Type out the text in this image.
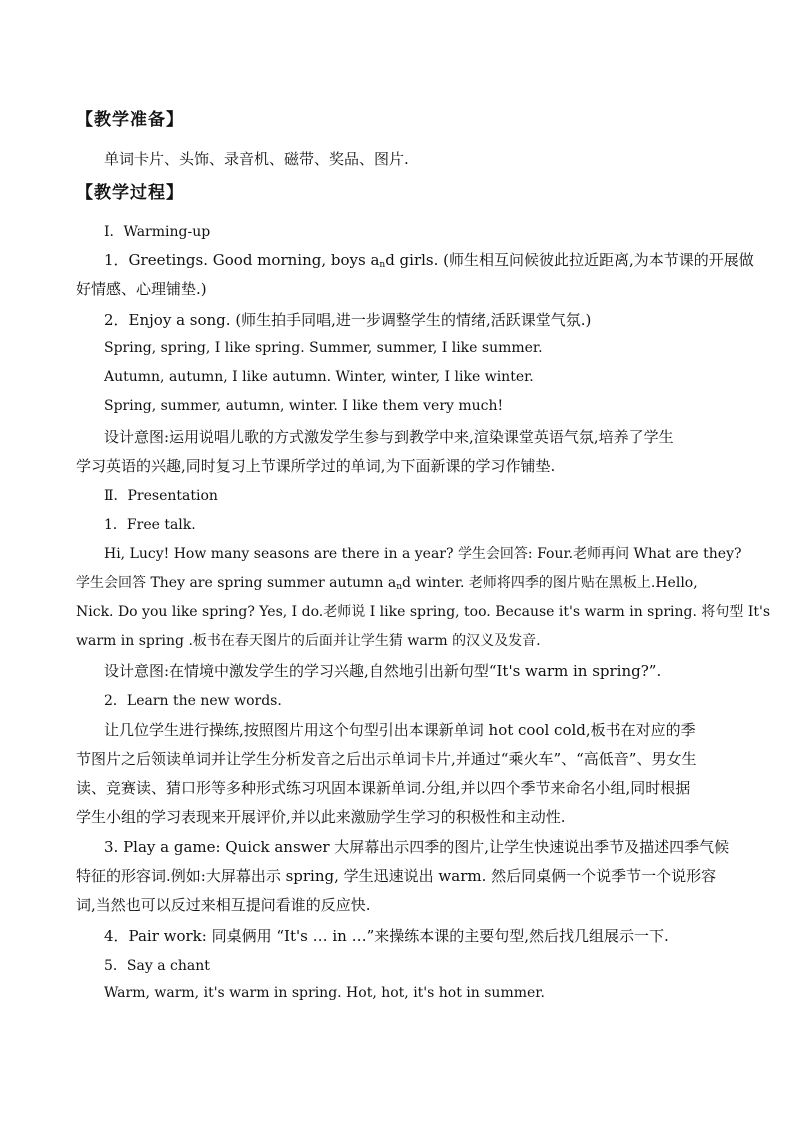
【教学准备】
单词卡片、头饰、录音机、磁带、奖品、图片.
【教学过程】
Ⅰ．Warming-up
1．Greetings. Good morning, boys $a_nd$ girls. (师生相互问候彼此拉近距离,为本节课的开展做
好情感、心理铺垫.)
2．Enjoy a song. (师生拍手同唱,进一步调整学生的情绪,活跃课堂气氛.)
Spring, spring, I like spring. Summer, summer, I like summer.
Autumn, autumn, I like autumn. Winter, winter, I like winter.
Spring, summer, autumn, winter. I like them very much!
设计意图:运用说唱儿歌的方式激发学生参与到教学中来,渲染课堂英语气氛,培养了学生
学习英语的兴趣,同时复习上节课所学过的单词,为下面新课的学习作铺垫.
Ⅱ．Presentation
1．Free talk.
Hi, Lucy! How many seasons are there in a year? 学生会回答: Four.老师再问 What are they?
学生会回答 They are spring summer autumn $a_nd$ winter. 老师将四季的图片贴在黑板上.Hello,
Nick. Do you like spring? Yes, I do.老师说 I like spring, too. Because it's warm in spring. 将句型 It's
warm in spring .板书在春天图片的后面并让学生猜 warm 的汉义及发音.
设计意图:在情境中激发学生的学习兴趣,自然地引出新句型“It's warm in spring?”.
2．Learn the new words.
让几位学生进行操练,按照图片用这个句型引出本课新单词 hot cool cold,板书在对应的季
节图片之后领读单词并让学生分析发音之后出示单词卡片,并通过“乘火车”、“高低音”、男女生
读、竞赛读、猜口形等多种形式练习巩固本课新单词.分组,并以四个季节来命名小组,同时根据
学生小组的学习表现来开展评价,并以此来激励学生学习的积极性和主动性.
3. Play a game: Quick answer 大屏幕出示四季的图片,让学生快速说出季节及描述四季气候
特征的形容词.例如:大屏幕出示 spring, 学生迅速说出 warm. 然后同桌俩一个说季节一个说形容
词,当然也可以反过来相互提问看谁的反应快.
4．Pair work: 同桌俩用 “It's … in …”来操练本课的主要句型,然后找几组展示一下.
5．Say a chant
Warm, warm, it's warm in spring. Hot, hot, it's hot in summer.
